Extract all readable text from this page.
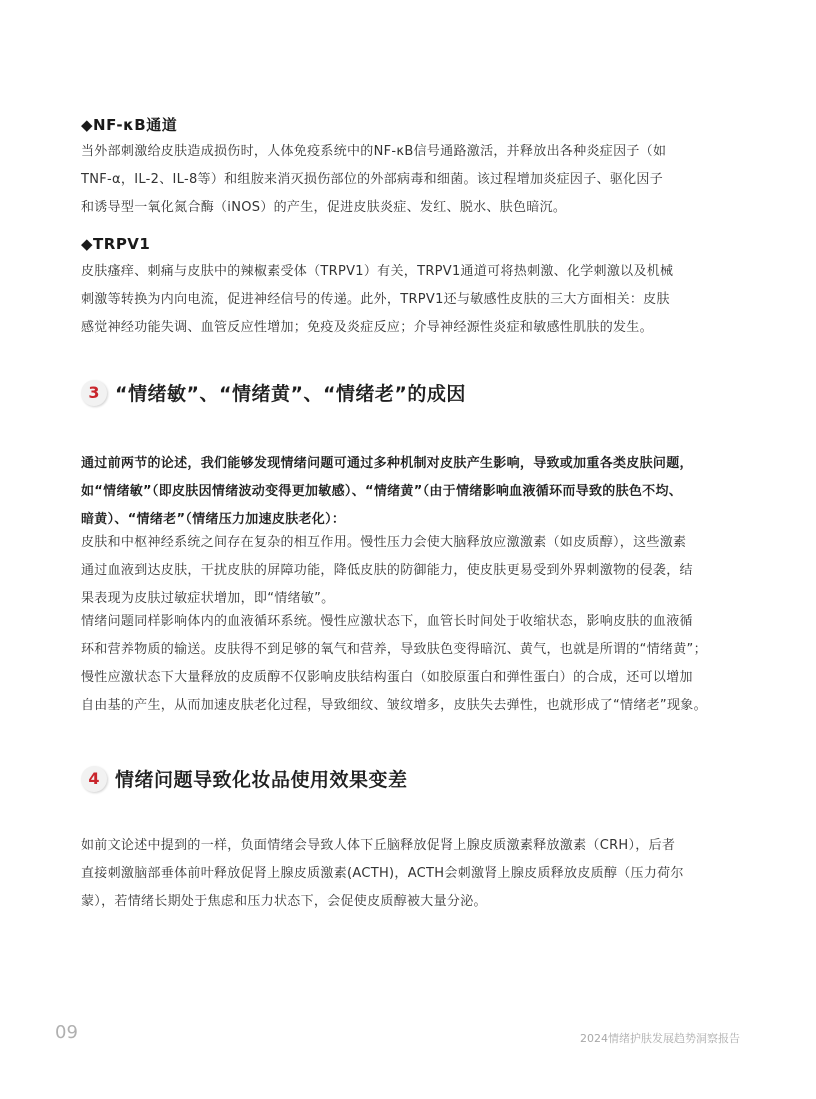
◆NF-κB通道

当外部刺激给皮肤造成损伤时，人体免疫系统中的NF-κB信号通路激活，并释放出各种炎症因子（如
TNF-α，IL-2、IL-8等）和组胺来消灭损伤部位的外部病毒和细菌。该过程增加炎症因子、驱化因子
和诱导型一氧化氮合酶（iNOS）的产生，促进皮肤炎症、发红、脱水、肤色暗沉。

◆TRPV1

皮肤瘙痒、刺痛与皮肤中的辣椒素受体（TRPV1）有关，TRPV1通道可将热刺激、化学刺激以及机械
刺激等转换为内向电流，促进神经信号的传递。此外，TRPV1还与敏感性皮肤的三大方面相关：皮肤
感觉神经功能失调、血管反应性增加；免疫及炎症反应；介导神经源性炎症和敏感性肌肤的发生。

3 “情绪敏”、“情绪黄”、“情绪老”的成因

通过前两节的论述，我们能够发现情绪问题可通过多种机制对皮肤产生影响，导致或加重各类皮肤问题，
如“情绪敏”（即皮肤因情绪波动变得更加敏感）、“情绪黄”（由于情绪影响血液循环而导致的肤色不均、
暗黄）、“情绪老”（情绪压力加速皮肤老化）：

皮肤和中枢神经系统之间存在复杂的相互作用。慢性压力会使大脑释放应激激素（如皮质醇），这些激素
通过血液到达皮肤，干扰皮肤的屏障功能，降低皮肤的防御能力，使皮肤更易受到外界刺激物的侵袭，结
果表现为皮肤过敏症状增加，即“情绪敏”。

情绪问题同样影响体内的血液循环系统。慢性应激状态下，血管长时间处于收缩状态，影响皮肤的血液循
环和营养物质的输送。皮肤得不到足够的氧气和营养，导致肤色变得暗沉、黄气，也就是所谓的“情绪黄”；
慢性应激状态下大量释放的皮质醇不仅影响皮肤结构蛋白（如胶原蛋白和弹性蛋白）的合成，还可以增加
自由基的产生，从而加速皮肤老化过程，导致细纹、皱纹增多，皮肤失去弹性，也就形成了“情绪老”现象。

4 情绪问题导致化妆品使用效果变差

如前文论述中提到的一样，负面情绪会导致人体下丘脑释放促肾上腺皮质激素释放激素（CRH），后者
直接刺激脑部垂体前叶释放促肾上腺皮质激素(ACTH)，ACTH会刺激肾上腺皮质释放皮质醇（压力荷尔
蒙），若情绪长期处于焦虑和压力状态下，会促使皮质醇被大量分泌。

09	2024情绪护肤发展趋势洞察报告
